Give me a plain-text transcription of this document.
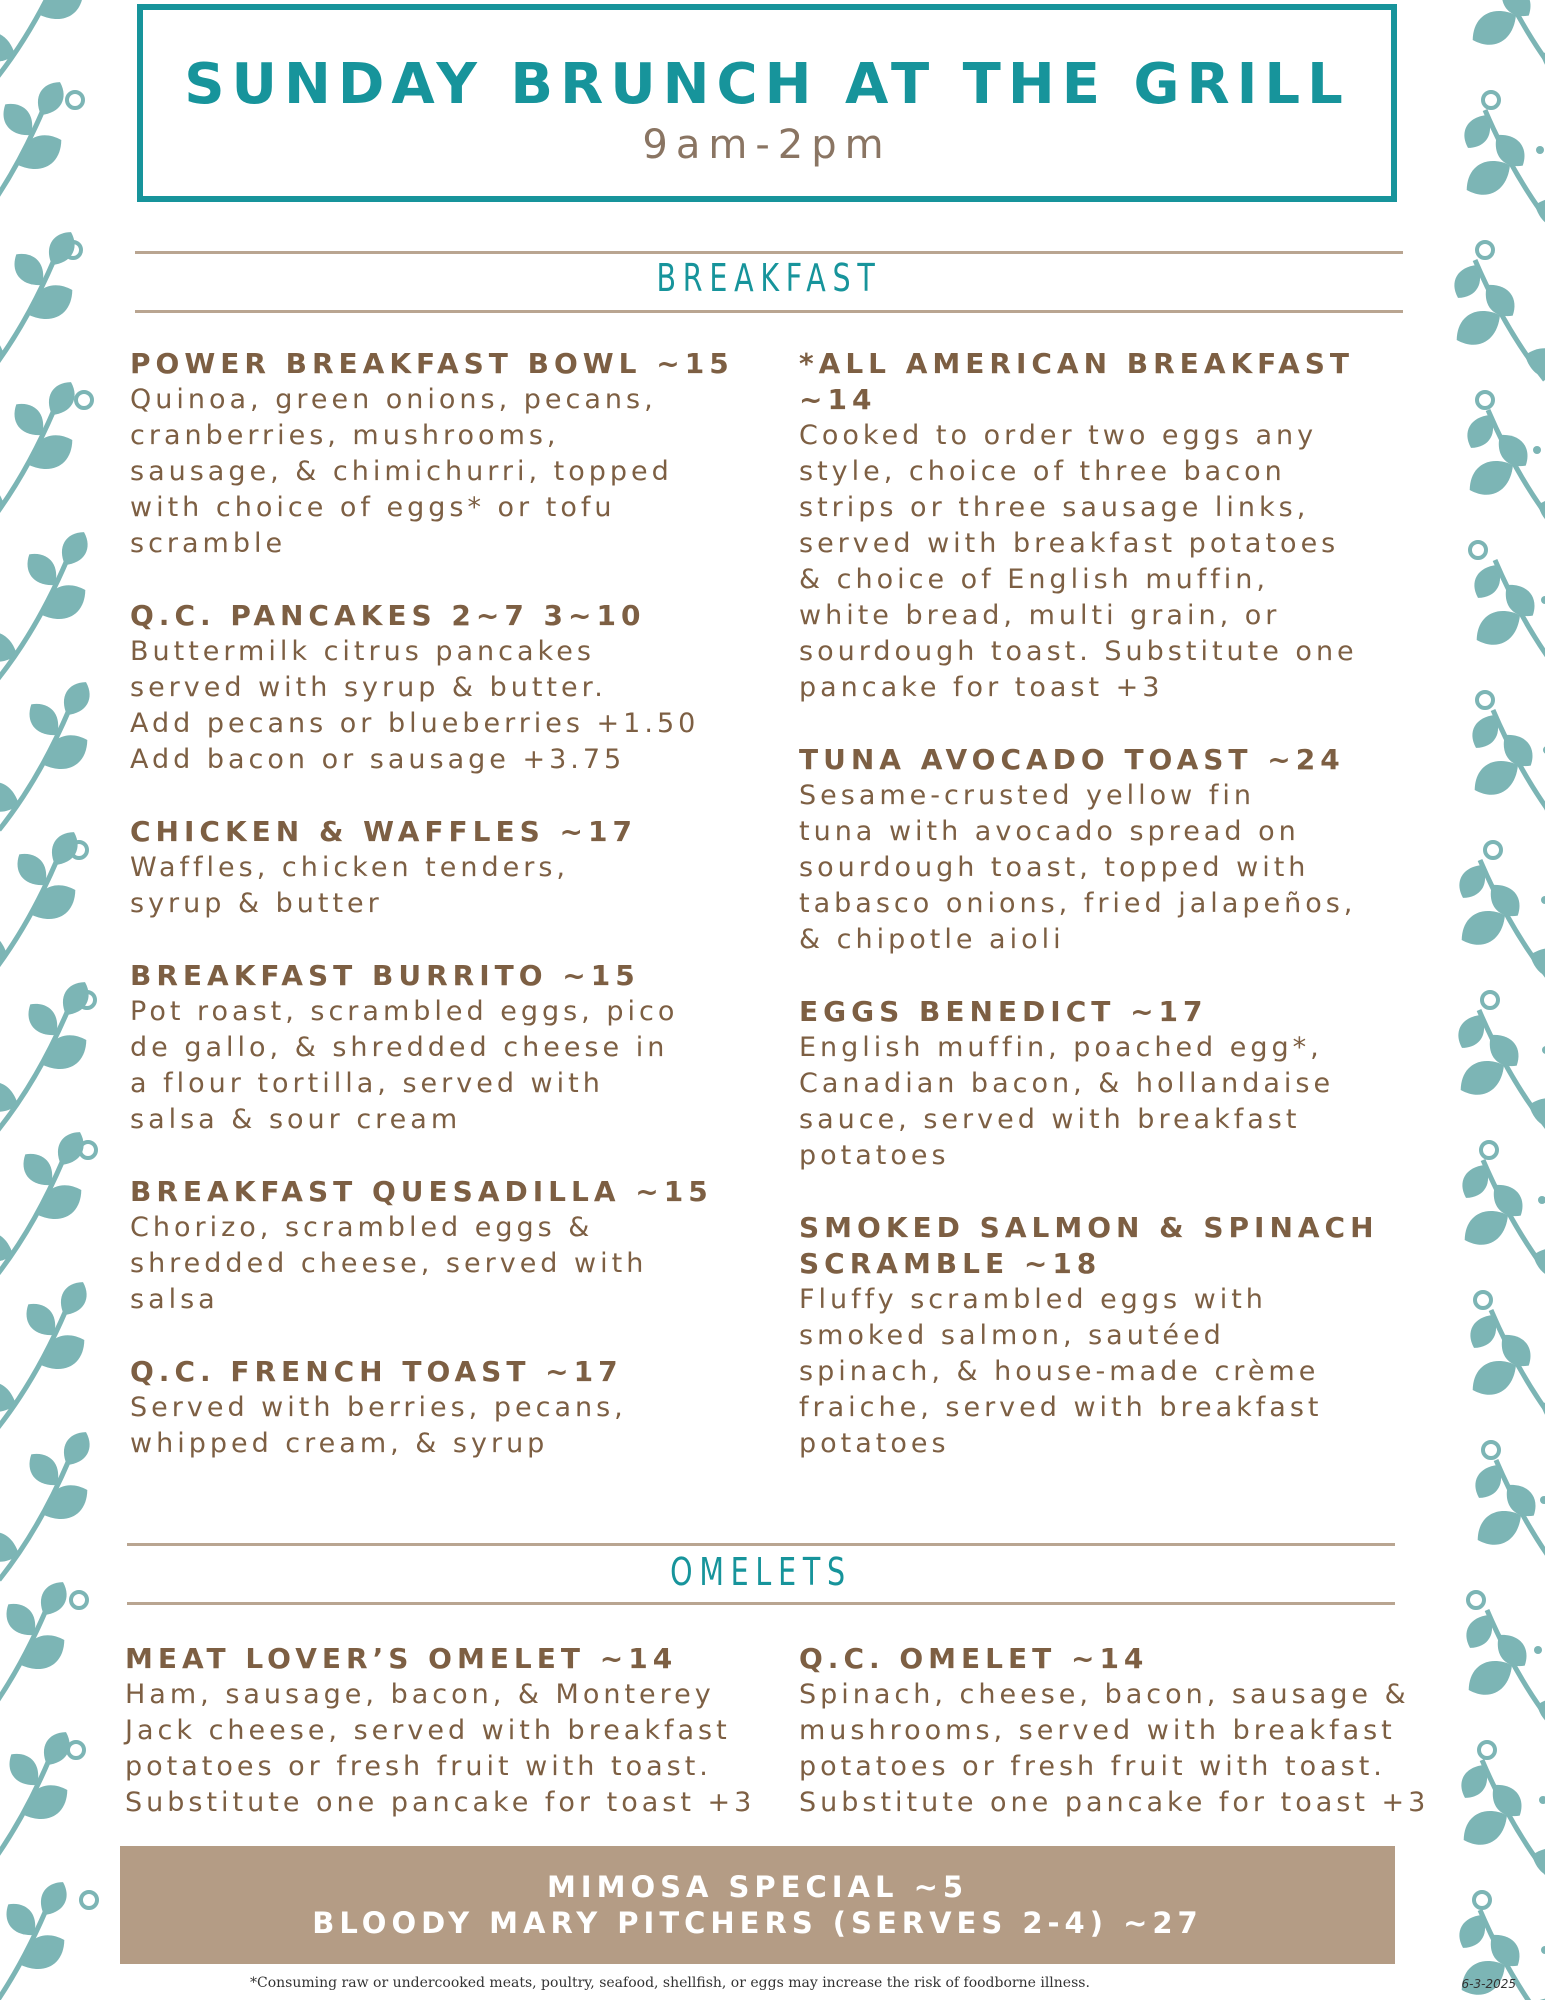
SUNDAY BRUNCH AT THE GRILL
9am-2pm
BREAKFAST
POWER BREAKFAST BOWL ~15
Quinoa, green onions, pecans,
cranberries, mushrooms,
sausage, & chimichurri, topped
with choice of eggs* or tofu
scramble
Q.C. PANCAKES 2~7 3~10
Buttermilk citrus pancakes
served with syrup & butter.
Add pecans or blueberries +1.50
Add bacon or sausage +3.75
CHICKEN & WAFFLES ~17
Waffles, chicken tenders,
syrup & butter
BREAKFAST BURRITO ~15
Pot roast, scrambled eggs, pico
de gallo, & shredded cheese in
a flour tortilla, served with
salsa & sour cream
BREAKFAST QUESADILLA ~15
Chorizo, scrambled eggs &
shredded cheese, served with
salsa
Q.C. FRENCH TOAST ~17
Served with berries, pecans,
whipped cream, & syrup
*ALL AMERICAN BREAKFAST ~14
Cooked to order two eggs any
style, choice of three bacon
strips or three sausage links,
served with breakfast potatoes
& choice of English muffin,
white bread, multi grain, or
sourdough toast. Substitute one
pancake for toast +3
TUNA AVOCADO TOAST ~24
Sesame-crusted yellow fin
tuna with avocado spread on
sourdough toast, topped with
tabasco onions, fried jalapeños,
& chipotle aioli
EGGS BENEDICT ~17
English muffin, poached egg*,
Canadian bacon, & hollandaise
sauce, served with breakfast
potatoes
SMOKED SALMON & SPINACH SCRAMBLE ~18
Fluffy scrambled eggs with
smoked salmon, sautéed
spinach, & house-made crème
fraiche, served with breakfast
potatoes
OMELETS
MEAT LOVER’S OMELET ~14
Ham, sausage, bacon, & Monterey
Jack cheese, served with breakfast
potatoes or fresh fruit with toast.
Substitute one pancake for toast +3
Q.C. OMELET ~14
Spinach, cheese, bacon, sausage &
mushrooms, served with breakfast
potatoes or fresh fruit with toast.
Substitute one pancake for toast +3
MIMOSA SPECIAL ~5
BLOODY MARY PITCHERS (SERVES 2-4) ~27
*Consuming raw or undercooked meats, poultry, seafood, shellfish, or eggs may increase the risk of foodborne illness.	6-3-2025
